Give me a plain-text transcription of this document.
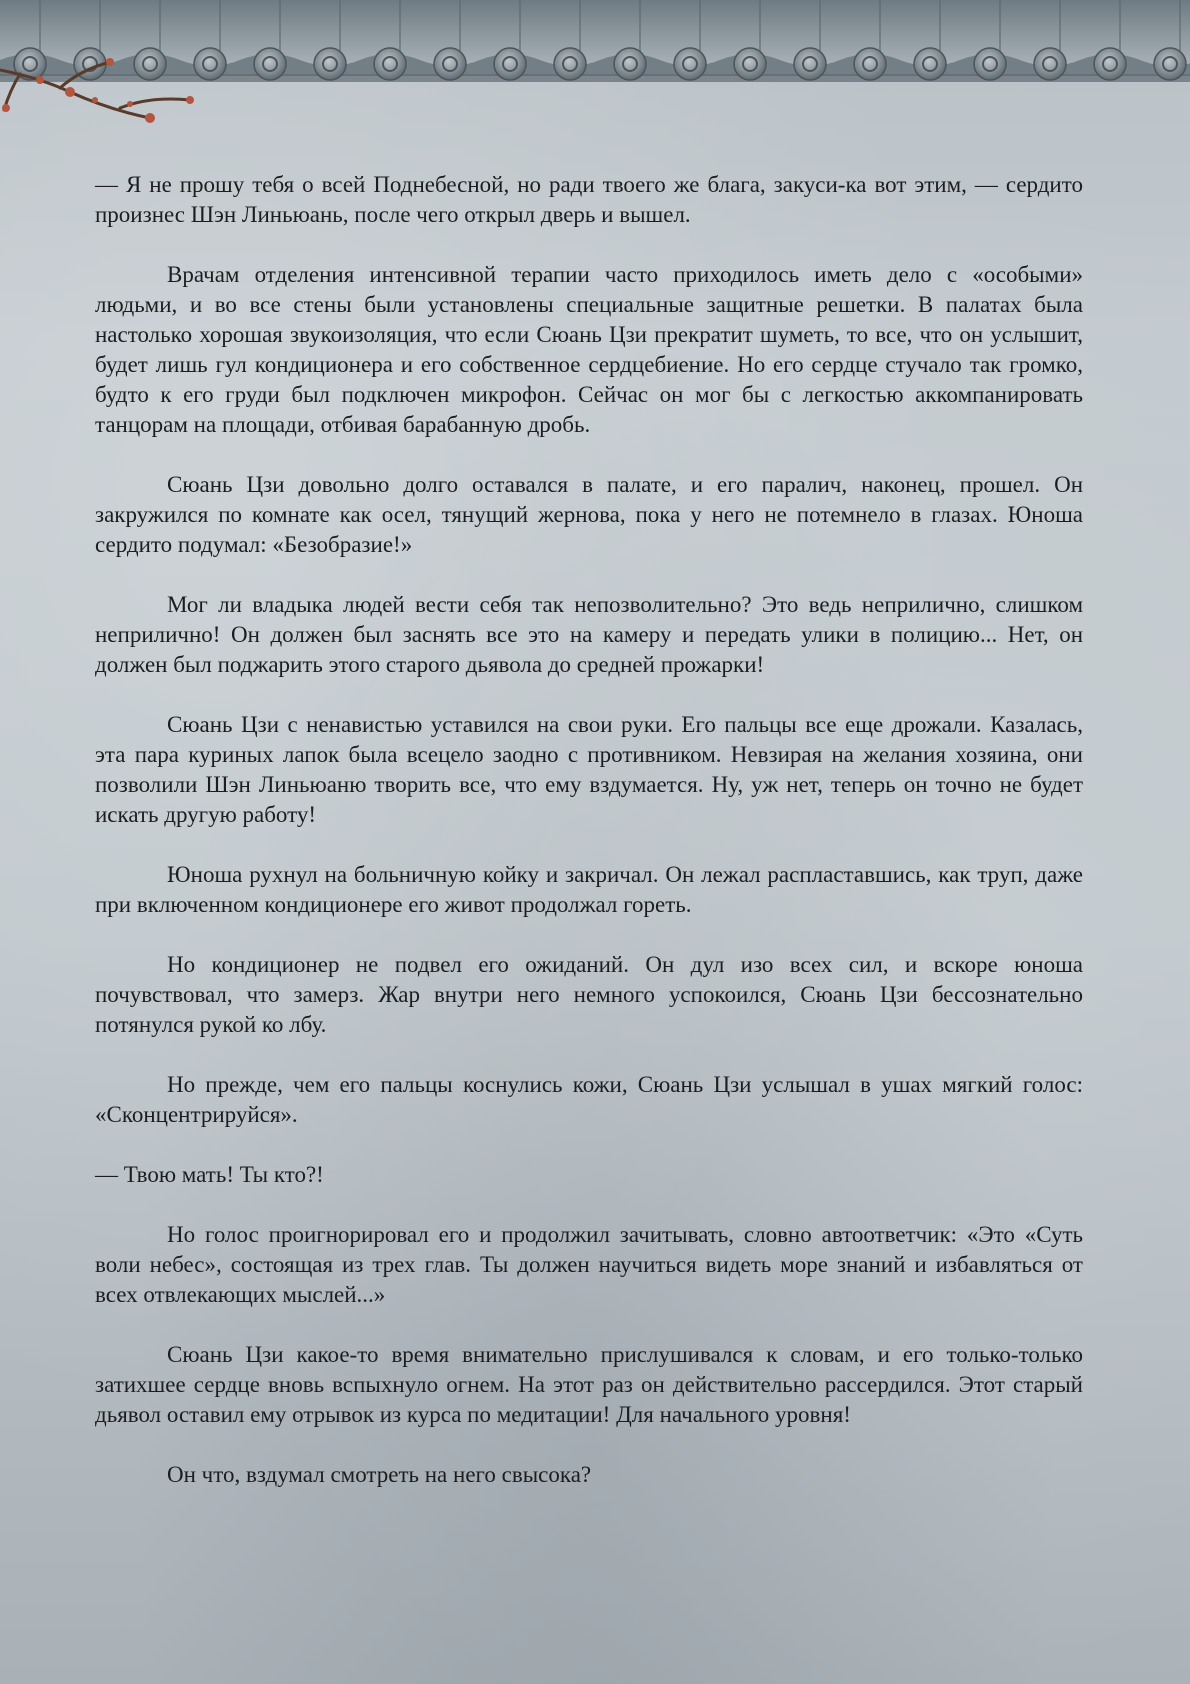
— Я не прошу тебя о всей Поднебесной, но ради твоего же блага, закуси-ка вот этим, — сердито произнес Шэн Линьюань, после чего открыл дверь и вышел.

Врачам отделения интенсивной терапии часто приходилось иметь дело с «особыми» людьми, и во все стены были установлены специальные защитные решетки. В палатах была настолько хорошая звукоизоляция, что если Сюань Цзи прекратит шуметь, то все, что он услышит, будет лишь гул кондиционера и его собственное сердцебиение. Но его сердце стучало так громко, будто к его груди был подключен микрофон. Сейчас он мог бы с легкостью аккомпанировать танцорам на площади, отбивая барабанную дробь.

Сюань Цзи довольно долго оставался в палате, и его паралич, наконец, прошел. Он закружился по комнате как осел, тянущий жернова, пока у него не потемнело в глазах. Юноша сердито подумал: «Безобразие!»

Мог ли владыка людей вести себя так непозволительно? Это ведь неприлично, слишком неприлично! Он должен был заснять все это на камеру и передать улики в полицию... Нет, он должен был поджарить этого старого дьявола до средней прожарки!

Сюань Цзи с ненавистью уставился на свои руки. Его пальцы все еще дрожали. Казалась, эта пара куриных лапок была всецело заодно с противником. Невзирая на желания хозяина, они позволили Шэн Линьюаню творить все, что ему вздумается. Ну, уж нет, теперь он точно не будет искать другую работу!

Юноша рухнул на больничную койку и закричал. Он лежал распластавшись, как труп, даже при включенном кондиционере его живот продолжал гореть.

Но кондиционер не подвел его ожиданий. Он дул изо всех сил, и вскоре юноша почувствовал, что замерз. Жар внутри него немного успокоился, Сюань Цзи бессознательно потянулся рукой ко лбу.

Но прежде, чем его пальцы коснулись кожи, Сюань Цзи услышал в ушах мягкий голос: «Сконцентрируйся».

— Твою мать! Ты кто?!

Но голос проигнорировал его и продолжил зачитывать, словно автоответчик: «Это «Суть воли небес», состоящая из трех глав. Ты должен научиться видеть море знаний и избавляться от всех отвлекающих мыслей...»

Сюань Цзи какое-то время внимательно прислушивался к словам, и его только-только затихшее сердце вновь вспыхнуло огнем. На этот раз он действительно рассердился. Этот старый дьявол оставил ему отрывок из курса по медитации! Для начального уровня!

Он что, вздумал смотреть на него свысока?
